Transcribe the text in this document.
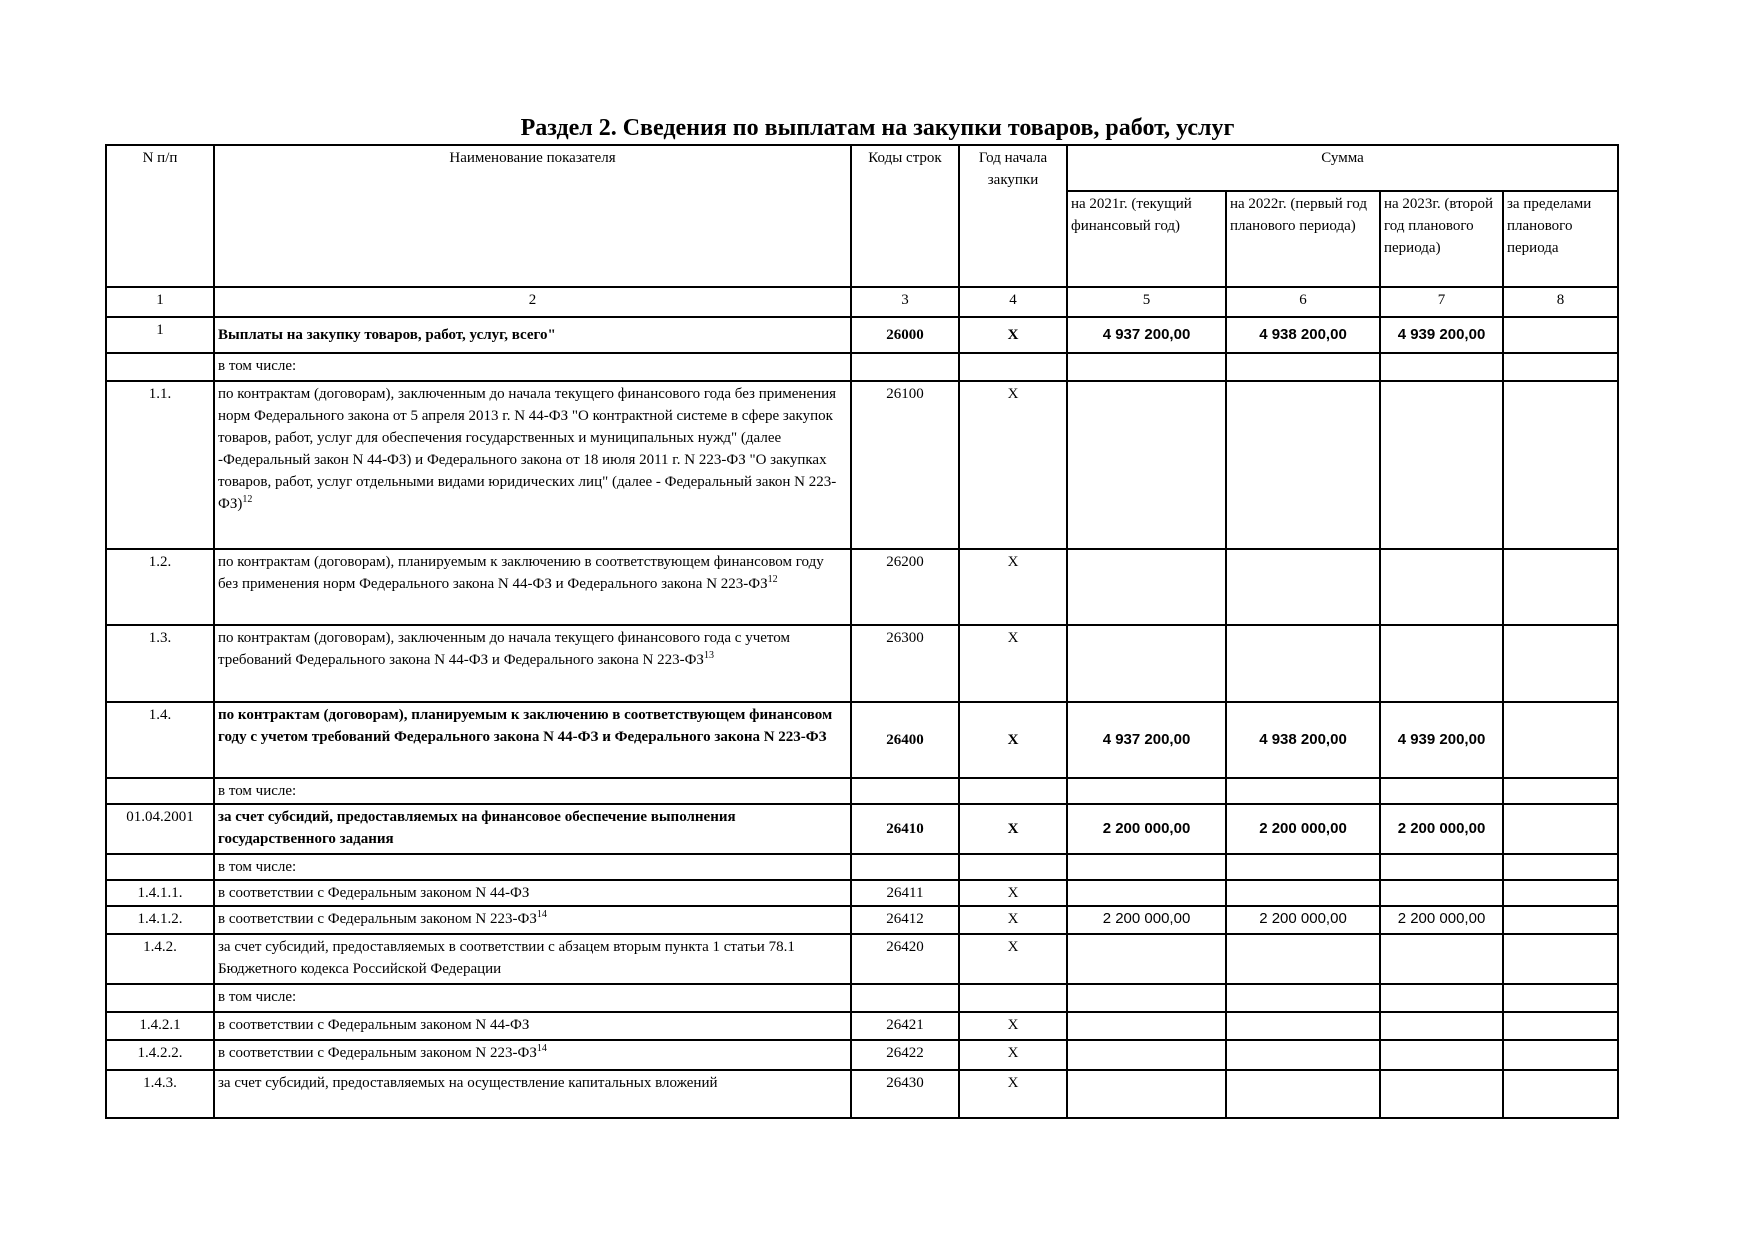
Раздел 2. Сведения по выплатам на закупки товаров, работ, услуг
N п/п	Наименование показателя	Коды строк	Год начала закупки	Сумма			
				на 2021г. (текущий финансовый год)	на 2022г. (первый год планового периода)	на 2023г. (второй год планового периода)	за пределами планового периода
1	2	3	4	5	6	7	8
1	Выплаты на закупку товаров, работ, услуг, всего"	26000	X	4 937 200,00	4 938 200,00	4 939 200,00	
	в том числе:						
1.1.	по контрактам (договорам), заключенным до начала текущего финансового года без применения норм Федерального закона от 5 апреля 2013 г. N 44-ФЗ "О контрактной системе в сфере закупок товаров, работ, услуг для обеспечения государственных и муниципальных нужд" (далее -Федеральный закон N 44-ФЗ) и Федерального закона от 18 июля 2011 г. N 223-ФЗ "О закупках товаров, работ, услуг отдельными видами юридических лиц" (далее - Федеральный закон N 223-ФЗ)$^{12}$	26100	X				
1.2.	по контрактам (договорам), планируемым к заключению в соответствующем финансовом году без применения норм Федерального закона N 44-ФЗ и Федерального закона N 223-ФЗ$^{12}$	26200	X				
1.3.	по контрактам (договорам), заключенным до начала текущего финансового года с учетом требований Федерального закона N 44-ФЗ и Федерального закона N 223-ФЗ$^{13}$	26300	X				
1.4.	по контрактам (договорам), планируемым к заключению в соответствующем финансовом году с учетом требований Федерального закона N 44-ФЗ и Федерального закона N 223-ФЗ	26400	X	4 937 200,00	4 938 200,00	4 939 200,00	
	в том числе:						
01.04.2001	за счет субсидий, предоставляемых на финансовое обеспечение выполнения государственного задания	26410	X	2 200 000,00	2 200 000,00	2 200 000,00	
	в том числе:						
1.4.1.1.	в соответствии с Федеральным законом N 44-ФЗ	26411	X				
1.4.1.2.	в соответствии с Федеральным законом N 223-ФЗ$^{14}$	26412	X	2 200 000,00	2 200 000,00	2 200 000,00	
1.4.2.	за счет субсидий, предоставляемых в соответствии с абзацем вторым пункта 1 статьи 78.1 Бюджетного кодекса Российской Федерации	26420	X				
	в том числе:						
1.4.2.1	в соответствии с Федеральным законом N 44-ФЗ	26421	X				
1.4.2.2.	в соответствии с Федеральным законом N 223-ФЗ$^{14}$	26422	X				
1.4.3.	за счет субсидий, предоставляемых на осуществление капитальных вложений	26430	X				
